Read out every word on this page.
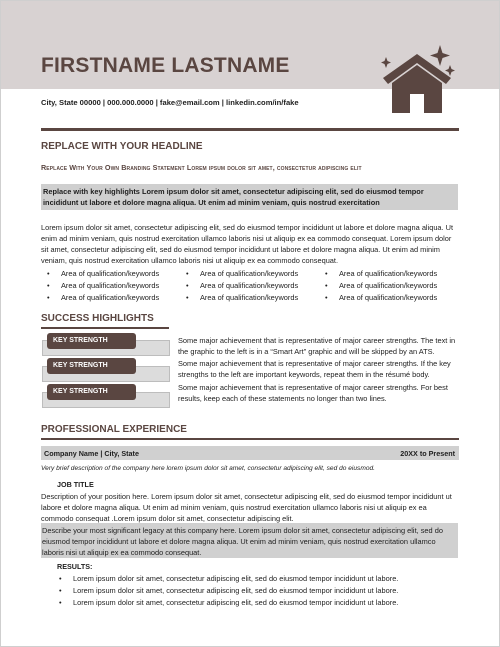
FIRSTNAME LASTNAME
City, State 00000 | 000.000.0000 | fake@email.com | linkedin.com/in/fake
REPLACE WITH YOUR HEADLINE
Replace With Your Own Branding Statement Lorem ipsum dolor sit amet, consectetur adipiscing elit
Replace with key highlights Lorem ipsum dolor sit amet, consectetur adipiscing elit, sed do eiusmod tempor incididunt ut labore et dolore magna aliqua. Ut enim ad minim veniam, quis nostrud exercitation
Lorem ipsum dolor sit amet, consectetur adipiscing elit, sed do eiusmod tempor incididunt ut labore et dolore magna aliqua. Ut enim ad minim veniam, quis nostrud exercitation ullamco laboris nisi ut aliquip ex ea commodo consequat. Lorem ipsum dolor sit amet, consectetur adipiscing elit, sed do eiusmod tempor incididunt ut labore et dolore magna aliqua. Ut enim ad minim veniam, quis nostrud exercitation ullamco laboris nisi ut aliquip ex ea commodo consequat.
• Area of qualification/keywords
• Area of qualification/keywords
• Area of qualification/keywords
• Area of qualification/keywords
• Area of qualification/keywords
• Area of qualification/keywords
• Area of qualification/keywords
• Area of qualification/keywords
• Area of qualification/keywords
SUCCESS HIGHLIGHTS
KEY STRENGTH	Some major achievement that is representative of major career strengths. The text in the graphic to the left is in a “Smart Art” graphic and will be skipped by an ATS.
KEY STRENGTH	Some major achievement that is representative of major career strengths. If the key strengths to the left are important keywords, repeat them in the résumé body.
KEY STRENGTH	Some major achievement that is representative of major career strengths. For best results, keep each of these statements no longer than two lines.
PROFESSIONAL EXPERIENCE
Company Name | City, State	20XX to Present
Very brief description of the company here lorem ipsum dolor sit amet, consectetur adipiscing elit, sed do eiusmod.
JOB TITLE
Description of your position here. Lorem ipsum dolor sit amet, consectetur adipiscing elit, sed do eiusmod tempor incididunt ut labore et dolore magna aliqua. Ut enim ad minim veniam, quis nostrud exercitation ullamco laboris nisi ut aliquip ex ea commodo consequat .Lorem ipsum dolor sit amet, consectetur adipiscing elit.
Describe your most significant legacy at this company here. Lorem ipsum dolor sit amet, consectetur adipiscing elit, sed do eiusmod tempor incididunt ut labore et dolore magna aliqua. Ut enim ad minim veniam, quis nostrud exercitation ullamco laboris nisi ut aliquip ex ea commodo consequat.
RESULTS:
• Lorem ipsum dolor sit amet, consectetur adipiscing elit, sed do eiusmod tempor incididunt ut labore.
• Lorem ipsum dolor sit amet, consectetur adipiscing elit, sed do eiusmod tempor incididunt ut labore.
• Lorem ipsum dolor sit amet, consectetur adipiscing elit, sed do eiusmod tempor incididunt ut labore.
